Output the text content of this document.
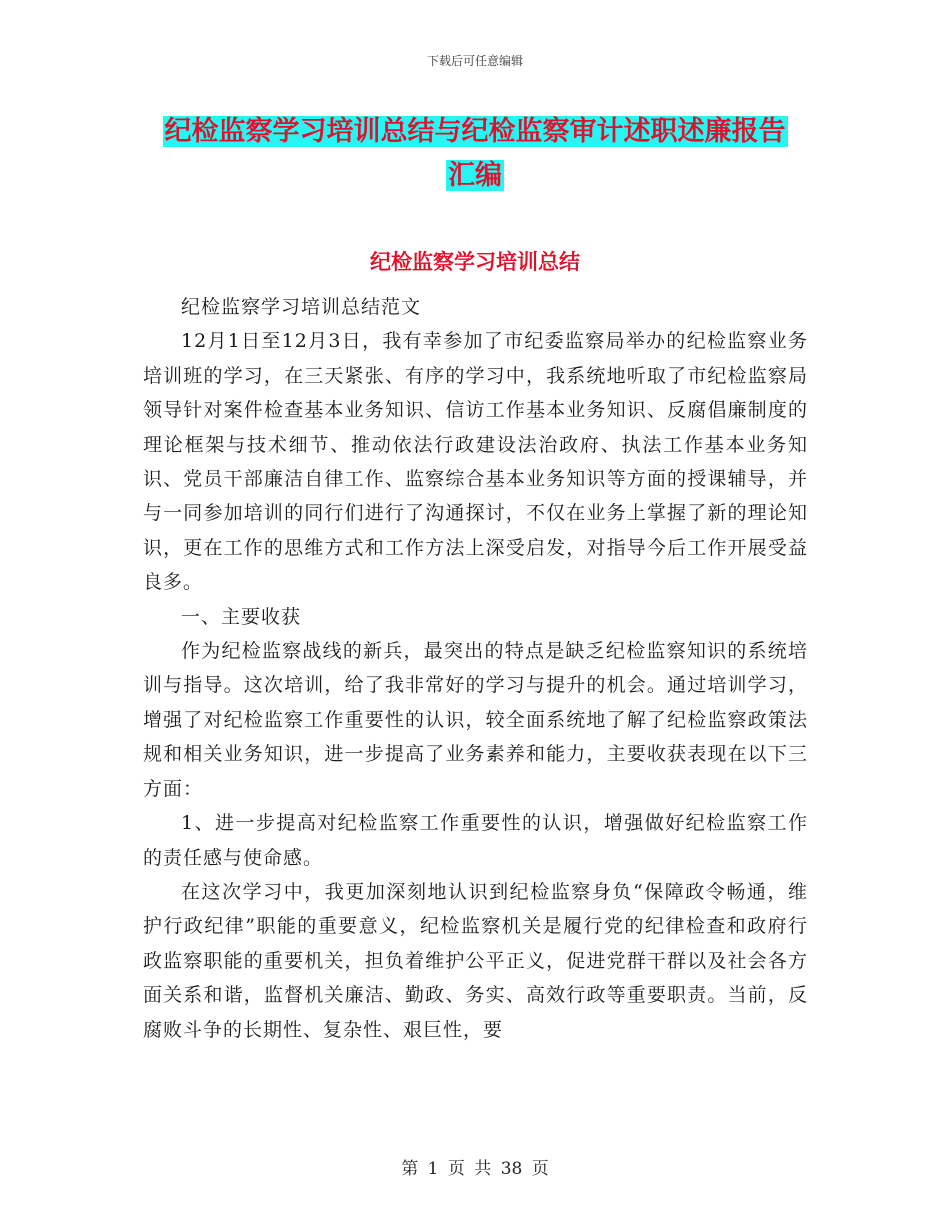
下载后可任意编辑
纪检监察学习培训总结与纪检监察审计述职述廉报告
汇编
纪检监察学习培训总结

纪检监察学习培训总结范文

12月1日至12月3日，我有幸参加了市纪委监察局举办的纪检监察业务培训班的学习，在三天紧张、有序的学习中，我系统地听取了市纪检监察局领导针对案件检查基本业务知识、信访工作基本业务知识、反腐倡廉制度的理论框架与技术细节、推动依法行政建设法治政府、执法工作基本业务知识、党员干部廉洁自律工作、监察综合基本业务知识等方面的授课辅导，并与一同参加培训的同行们进行了沟通探讨，不仅在业务上掌握了新的理论知识，更在工作的思维方式和工作方法上深受启发，对指导今后工作开展受益良多。

一、主要收获

作为纪检监察战线的新兵，最突出的特点是缺乏纪检监察知识的系统培训与指导。这次培训，给了我非常好的学习与提升的机会。通过培训学习，增强了对纪检监察工作重要性的认识，较全面系统地了解了纪检监察政策法规和相关业务知识，进一步提高了业务素养和能力，主要收获表现在以下三方面：

1、进一步提高对纪检监察工作重要性的认识，增强做好纪检监察工作的责任感与使命感。

在这次学习中，我更加深刻地认识到纪检监察身负“保障政令畅通，维护行政纪律”职能的重要意义，纪检监察机关是履行党的纪律检查和政府行政监察职能的重要机关，担负着维护公平正义，促进党群干群以及社会各方面关系和谐，监督机关廉洁、勤政、务实、高效行政等重要职责。当前，反腐败斗争的长期性、复杂性、艰巨性，要

第 1 页 共 38 页
